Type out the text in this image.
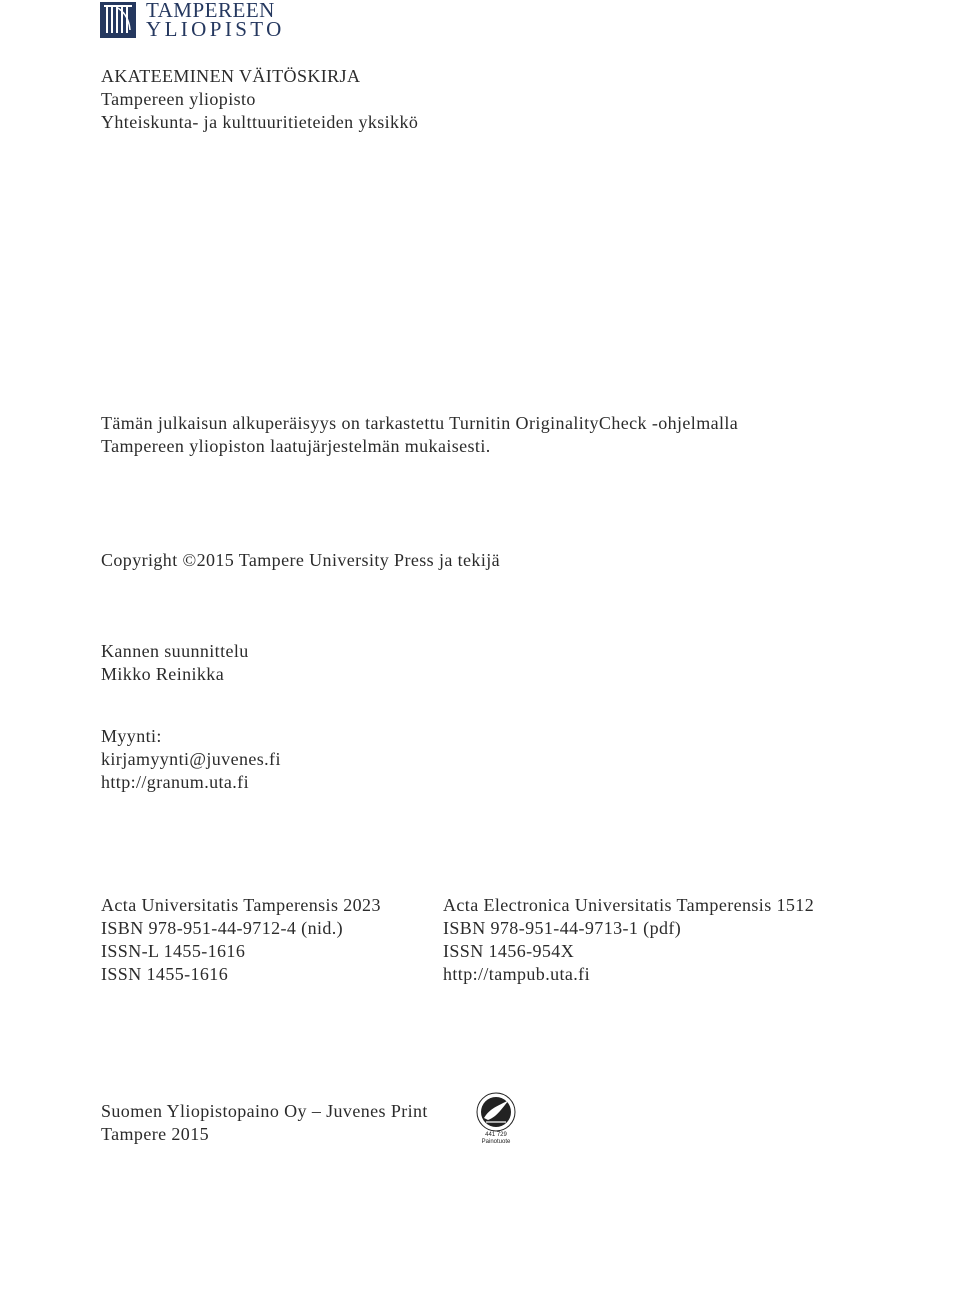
TAMPEREEN
YLIOPISTO
AKATEEMINEN VÄITÖSKIRJA
Tampereen yliopisto
Yhteiskunta- ja kulttuuritieteiden yksikkö
Tämän julkaisun alkuperäisyys on tarkastettu Turnitin OriginalityCheck -ohjelmalla
Tampereen yliopiston laatujärjestelmän mukaisesti.
Copyright ©2015 Tampere University Press ja tekijä
Kannen suunnittelu
Mikko Reinikka
Myynti:
kirjamyynti@juvenes.fi
http://granum.uta.fi
Acta Universitatis Tamperensis 2023
ISBN 978-951-44-9712-4 (nid.)
ISSN-L 1455-1616
ISSN 1455-1616
Acta Electronica Universitatis Tamperensis 1512
ISBN 978-951-44-9713-1 (pdf)
ISSN 1456-954X
http://tampub.uta.fi
Suomen Yliopistopaino Oy – Juvenes Print
Tampere 2015	441 729
Painotuote
